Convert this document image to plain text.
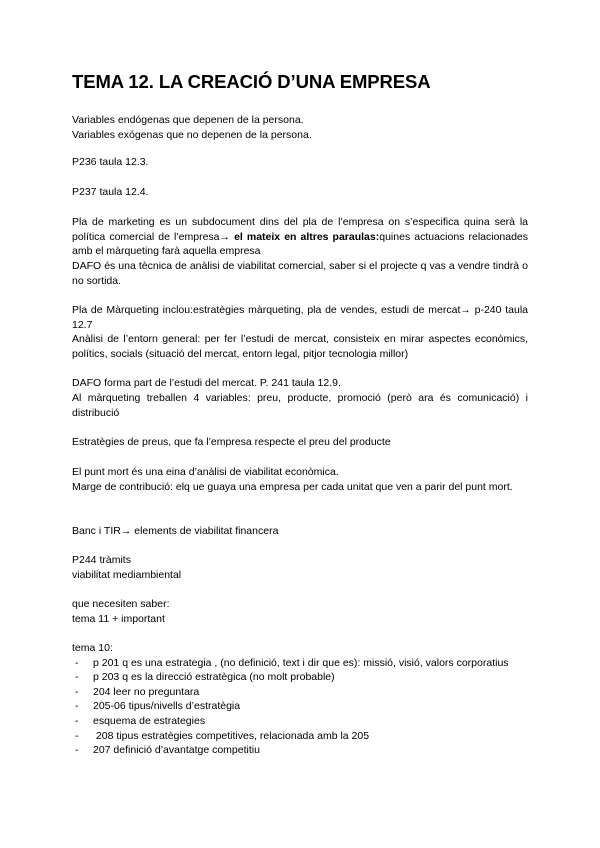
TEMA 12. LA CREACIÓ D’UNA EMPRESA
Variables endógenas que depenen de la persona.
Variables exógenas que no depenen de la persona.
P236 taula 12.3.
P237 taula 12.4.
Pla de marketing es un subdocument dins del pla de l’empresa on s’especifica quina serà la política comercial de l’empresa→ el mateix en altres paraulas:quines actuacions relacionades amb el màrqueting farà aquella empresa
DAFO és una tècnica de anàlisi de viabilitat comercial, saber si el projecte q vas a vendre tindrà o no sortida.
Pla de Màrqueting inclou:estratègies màrqueting, pla de vendes, estudi de mercat→ p-240 taula 12.7
Anàlisi de l’entorn general: per fer l’estudi de mercat, consisteix en mirar aspectes econòmics, polítics, socials (situació del mercat, entorn legal, pitjor tecnologia millor)
DAFO forma part de l’estudi del mercat. P. 241 taula 12.9.
Al màrqueting treballen 4 variables: preu, producte, promoció (però ara és comunicació) i distribució
Estratègies de preus, que fa l’empresa respecte el preu del producte
El punt mort és una eina d’anàlisi de viabilitat econòmica.
Marge de contribució: elq ue guaya una empresa per cada unitat que ven a parir del punt mort.
Banc i TIR→ elements de viabilitat financera
P244 tràmits
viabilitat mediambiental
que necesiten saber:
tema 11 + important
tema 10:
- p 201 q es una estrategia , (no definició, text i dir que es): missió, visió, valors corporatius
- p 203 q es la direcció estratègica (no molt probable)
- 204 leer no preguntara
- 205-06 tipus/nivells d’estratègia
- esquema de estrategies
- 208 tipus estratègies competitives, relacionada amb la 205
- 207 definició d’avantatge competitiu
